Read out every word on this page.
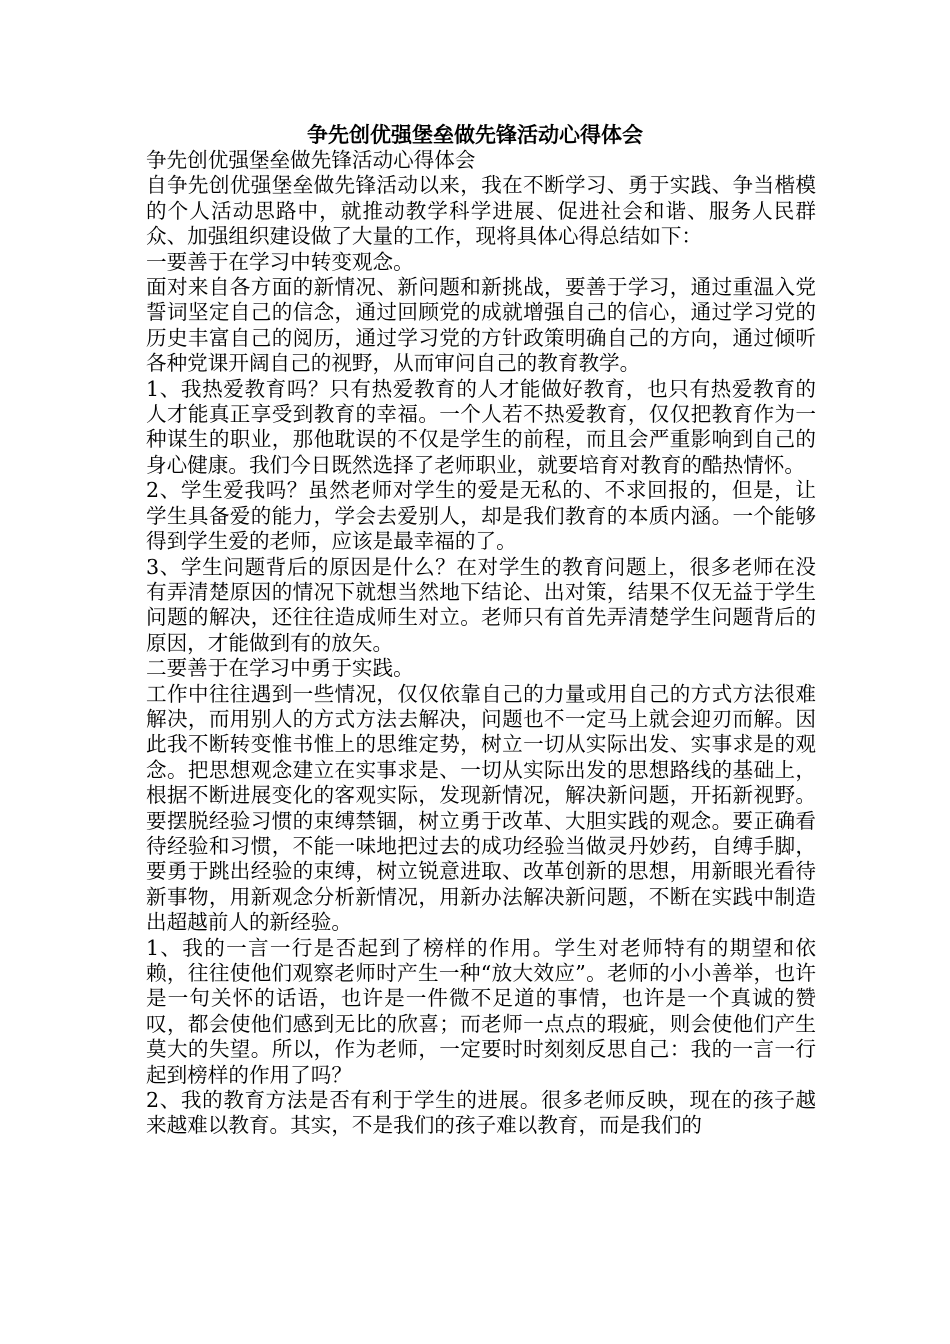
争先创优强堡垒做先锋活动心得体会

争先创优强堡垒做先锋活动心得体会

自争先创优强堡垒做先锋活动以来，我在不断学习、勇于实践、争当楷模的个人活动思路中，就推动教学科学进展、促进社会和谐、服务人民群众、加强组织建设做了大量的工作，现将具体心得总结如下：

一要善于在学习中转变观念。

面对来自各方面的新情况、新问题和新挑战，要善于学习，通过重温入党誓词坚定自己的信念，通过回顾党的成就增强自己的信心，通过学习党的历史丰富自己的阅历，通过学习党的方针政策明确自己的方向，通过倾听各种党课开阔自己的视野，从而审问自己的教育教学。

1、我热爱教育吗？只有热爱教育的人才能做好教育，也只有热爱教育的人才能真正享受到教育的幸福。一个人若不热爱教育，仅仅把教育作为一种谋生的职业，那他耽误的不仅是学生的前程，而且会严重影响到自己的身心健康。我们今日既然选择了老师职业，就要培育对教育的酷热情怀。

2、学生爱我吗？虽然老师对学生的爱是无私的、不求回报的，但是，让学生具备爱的能力，学会去爱别人，却是我们教育的本质内涵。一个能够得到学生爱的老师，应该是最幸福的了。

3、学生问题背后的原因是什么？在对学生的教育问题上，很多老师在没有弄清楚原因的情况下就想当然地下结论、出对策，结果不仅无益于学生问题的解决，还往往造成师生对立。老师只有首先弄清楚学生问题背后的原因，才能做到有的放矢。

二要善于在学习中勇于实践。

工作中往往遇到一些情况，仅仅依靠自己的力量或用自己的方式方法很难解决，而用别人的方式方法去解决，问题也不一定马上就会迎刃而解。因此我不断转变惟书惟上的思维定势，树立一切从实际出发、实事求是的观念。把思想观念建立在实事求是、一切从实际出发的思想路线的基础上，根据不断进展变化的客观实际，发现新情况，解决新问题，开拓新视野。要摆脱经验习惯的束缚禁锢，树立勇于改革、大胆实践的观念。要正确看待经验和习惯，不能一味地把过去的成功经验当做灵丹妙药，自缚手脚，要勇于跳出经验的束缚，树立锐意进取、改革创新的思想，用新眼光看待新事物，用新观念分析新情况，用新办法解决新问题，不断在实践中制造出超越前人的新经验。

1、我的一言一行是否起到了榜样的作用。学生对老师特有的期望和依赖，往往使他们观察老师时产生一种“放大效应”。老师的小小善举，也许是一句关怀的话语，也许是一件微不足道的事情，也许是一个真诚的赞叹，都会使他们感到无比的欣喜；而老师一点点的瑕疵，则会使他们产生莫大的失望。所以，作为老师，一定要时时刻刻反思自己：我的一言一行起到榜样的作用了吗？

2、我的教育方法是否有利于学生的进展。很多老师反映，现在的孩子越来越难以教育。其实，不是我们的孩子难以教育，而是我们的
